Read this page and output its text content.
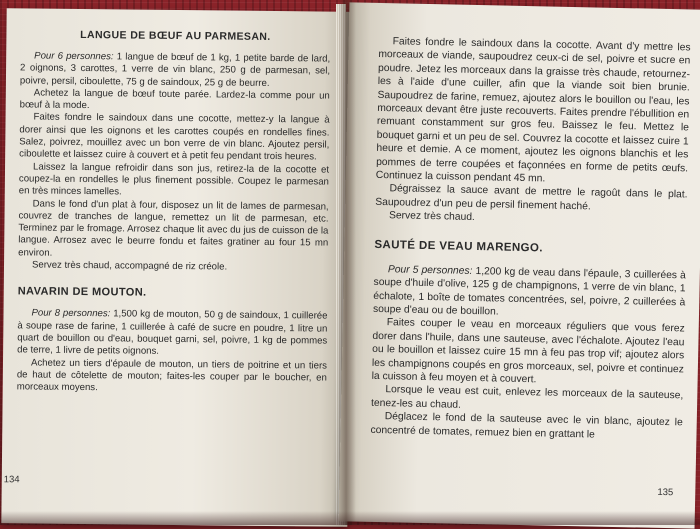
LANGUE DE BŒUF AU PARMESAN.

Pour 6 personnes: 1 langue de bœuf de 1 kg, 1 petite barde de lard, 2 oignons, 3 carottes, 1 verre de vin blanc, 250 g de parmesan, sel, poivre, persil, ciboulette, 75 g de saindoux, 25 g de beurre.

Achetez la langue de bœuf toute parée. Lardez-la comme pour un bœuf à la mode.

Faites fondre le saindoux dans une cocotte, mettez-y la langue à dorer ainsi que les oignons et les carottes coupés en rondelles fines. Salez, poivrez, mouillez avec un bon verre de vin blanc. Ajoutez persil, ciboulette et laissez cuire à couvert et à petit feu pendant trois heures.

Laissez la langue refroidir dans son jus, retirez-la de la cocotte et coupez-la en rondelles le plus finement possible. Coupez le parmesan en très minces lamelles.

Dans le fond d'un plat à four, disposez un lit de lames de parmesan, couvrez de tranches de langue, remettez un lit de parmesan, etc. Terminez par le fromage. Arrosez chaque lit avec du jus de cuisson de la langue. Arrosez avec le beurre fondu et faites gratiner au four 15 mn environ.

Servez très chaud, accompagné de riz créole.

NAVARIN DE MOUTON.

Pour 8 personnes: 1,500 kg de mouton, 50 g de saindoux, 1 cuillerée à soupe rase de farine, 1 cuillerée à café de sucre en poudre, 1 litre un quart de bouillon ou d'eau, bouquet garni, sel, poivre, 1 kg de pommes de terre, 1 livre de petits oignons.

Achetez un tiers d'épaule de mouton, un tiers de poitrine et un tiers de haut de côtelette de mouton; faites-les couper par le boucher, en morceaux moyens.

134

Faites fondre le saindoux dans la cocotte. Avant d'y mettre les morceaux de viande, saupoudrez ceux-ci de sel, poivre et sucre en poudre. Jetez les morceaux dans la graisse très chaude, retournez-les à l'aide d'une cuiller, afin que la viande soit bien brunie. Saupoudrez de farine, remuez, ajoutez alors le bouillon ou l'eau, les morceaux devant être juste recouverts. Faites prendre l'ébullition en remuant constamment sur gros feu. Baissez le feu. Mettez le bouquet garni et un peu de sel. Couvrez la cocotte et laissez cuire 1 heure et demie. A ce moment, ajoutez les oignons blanchis et les pommes de terre coupées et façonnées en forme de petits œufs. Continuez la cuisson pendant 45 mn.

Dégraissez la sauce avant de mettre le ragoût dans le plat. Saupoudrez d'un peu de persil finement haché.

Servez très chaud.

SAUTÉ DE VEAU MARENGO.

Pour 5 personnes: 1,200 kg de veau dans l'épaule, 3 cuillerées à soupe d'huile d'olive, 125 g de champignons, 1 verre de vin blanc, 1 échalote, 1 boîte de tomates concentrées, sel, poivre, 2 cuillerées à soupe d'eau ou de bouillon.

Faites couper le veau en morceaux réguliers que vous ferez dorer dans l'huile, dans une sauteuse, avec l'échalote. Ajoutez l'eau ou le bouillon et laissez cuire 15 mn à feu pas trop vif; ajoutez alors les champignons coupés en gros morceaux, sel, poivre et continuez la cuisson à feu moyen et à couvert.

Lorsque le veau est cuit, enlevez les morceaux de la sauteuse, tenez-les au chaud.

Déglacez le fond de la sauteuse avec le vin blanc, ajoutez le concentré de tomates, remuez bien en grattant le

135
